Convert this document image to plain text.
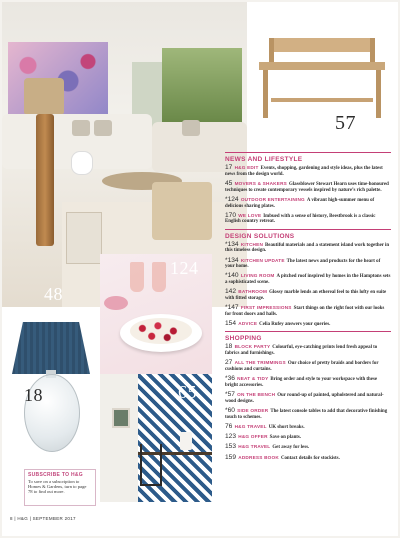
48
57
124
18	65
SUBSCRIBE TO H&G
To save on a subscription to Homes & Gardens, turn to page 78 to find out more.
8 | H&G | SEPTEMBER 2017
NEWS AND LIFESTYLE
17 H&G EDIT Events, shopping, gardening and style ideas, plus the latest news from the design world.
45 MOVERS & SHAKERS Glassblower Stewart Hearn uses time-honoured techniques to create contemporary vessels inspired by nature’s rich palette.
*124 OUTDOOR ENTERTAINING A vibrant high-summer menu of delicious sharing plates.
170 WE LOVE Imbued with a sense of history, Beestbrook is a classic English country retreat.
DESIGN SOLUTIONS
*134 KITCHEN Beautiful materials and a statement island work together in this timeless design.
*134 KITCHEN UPDATE The latest news and products for the heart of your home.
*140 LIVING ROOM A pitched roof inspired by homes in the Hamptons sets a sophisticated scene.
142 BATHROOM Glossy marble lends an ethereal feel to this lofty en suite with fitted storage.
*147 FIRST IMPRESSIONS Start things on the right foot with our looks for front doors and halls.
154 ADVICE Celia Rufey answers your queries.
SHOPPING
18 BLOCK PARTY Colourful, eye-catching prints lend fresh appeal to fabrics and furnishings.
27 ALL THE TRIMMINGS Our choice of pretty braids and borders for cushions and curtains.
*36 NEAT & TIDY Bring order and style to your workspace with these bright accessories.
*57 ON THE BENCH Our round-up of painted, upholstered and natural-wood designs.
*60 SIDE ORDER The latest console tables to add that decorative finishing touch to schemes.
76 H&G TRAVEL UK short breaks.
123 H&G OFFER Save on plants.
153 H&G TRAVEL Get away for less.
159 ADDRESS BOOK Contact details for stockists.
